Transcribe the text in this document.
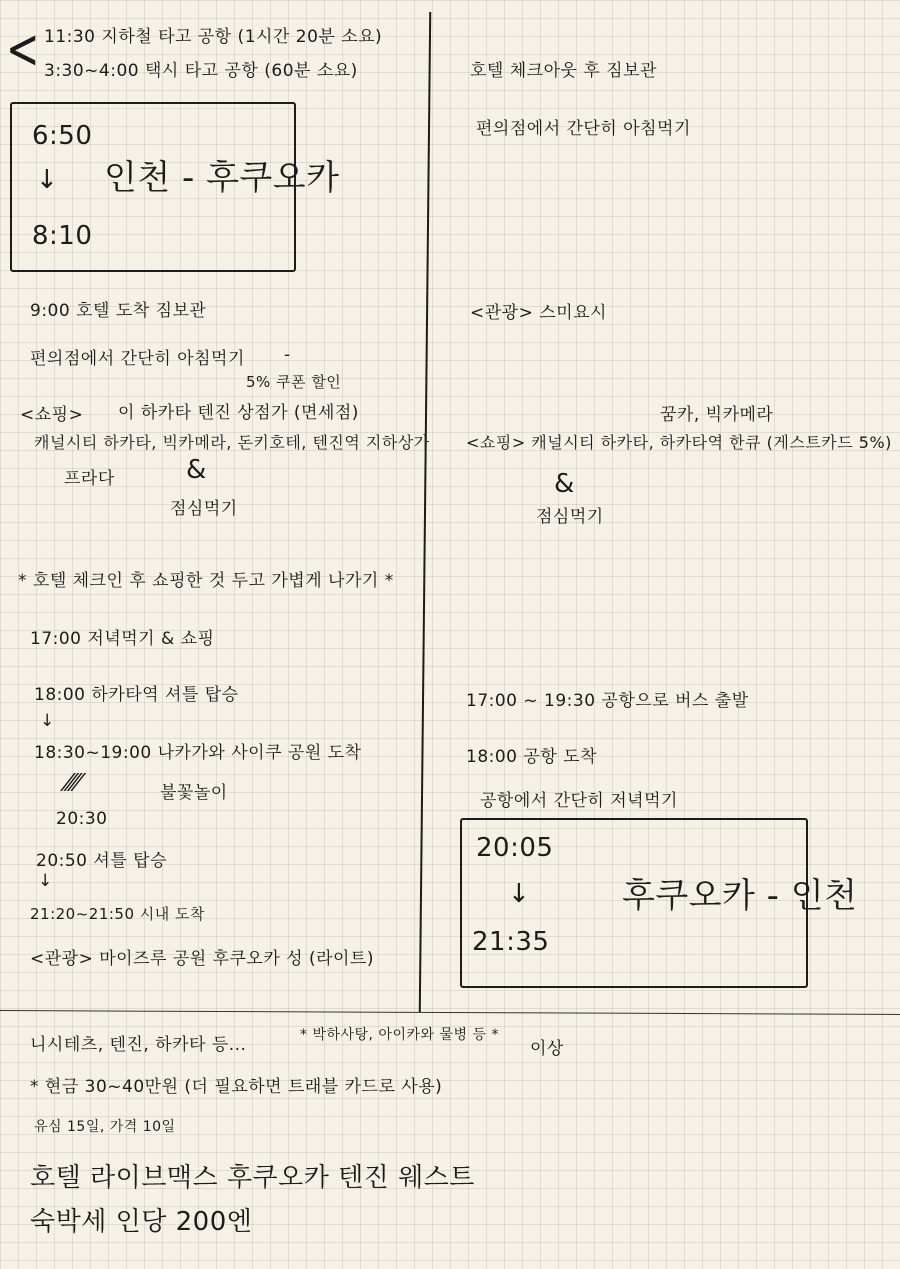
< 11:30 지하철 타고 공항 (1시간 20분 소요)
3:30~4:00 택시 타고 공항 (60분 소요)
6:50
↓ 인천 - 후쿠오카
8:10
9:00 호텔 도착 짐보관
편의점에서 간단히 아침먹기 -
5% 쿠폰 할인
<쇼핑> 이 하카타 텐진 상점가 (면세점)
캐널시티 하카타, 빅카메라, 돈키호테, 텐진역 지하상가
프라다	&
점심먹기
* 호텔 체크인 후 쇼핑한 것 두고 가볍게 나가기 *
17:00 저녁먹기 & 쇼핑
18:00 하카타역 셔틀 탑승
↓
18:30~19:00 나카가와 사이쿠 공원 도착
////	불꽃놀이
20:30
20:50 셔틀 탑승
↓
21:20~21:50 시내 도착
<관광> 마이즈루 공원 후쿠오카 성 (라이트)
호텔 체크아웃 후 짐보관
편의점에서 간단히 아침먹기
<관광> 스미요시
꿈카, 빅카메라
<쇼핑> 캐널시티 하카타, 하카타역 한큐 (게스트카드 5%)
&
점심먹기
17:00 ~ 19:30 공항으로 버스 출발
18:00 공항 도착
공항에서 간단히 저녁먹기
20:05
↓	후쿠오카 - 인천
21:35
니시테츠, 텐진, 하카타 등...	* 박하사탕, 아이카와 물병 등 *
이상
* 현금 30~40만원 (더 필요하면 트래블 카드로 사용)
유심 15일, 가격 10일
호텔 라이브맥스 후쿠오카 텐진 웨스트
숙박세 인당 200엔
